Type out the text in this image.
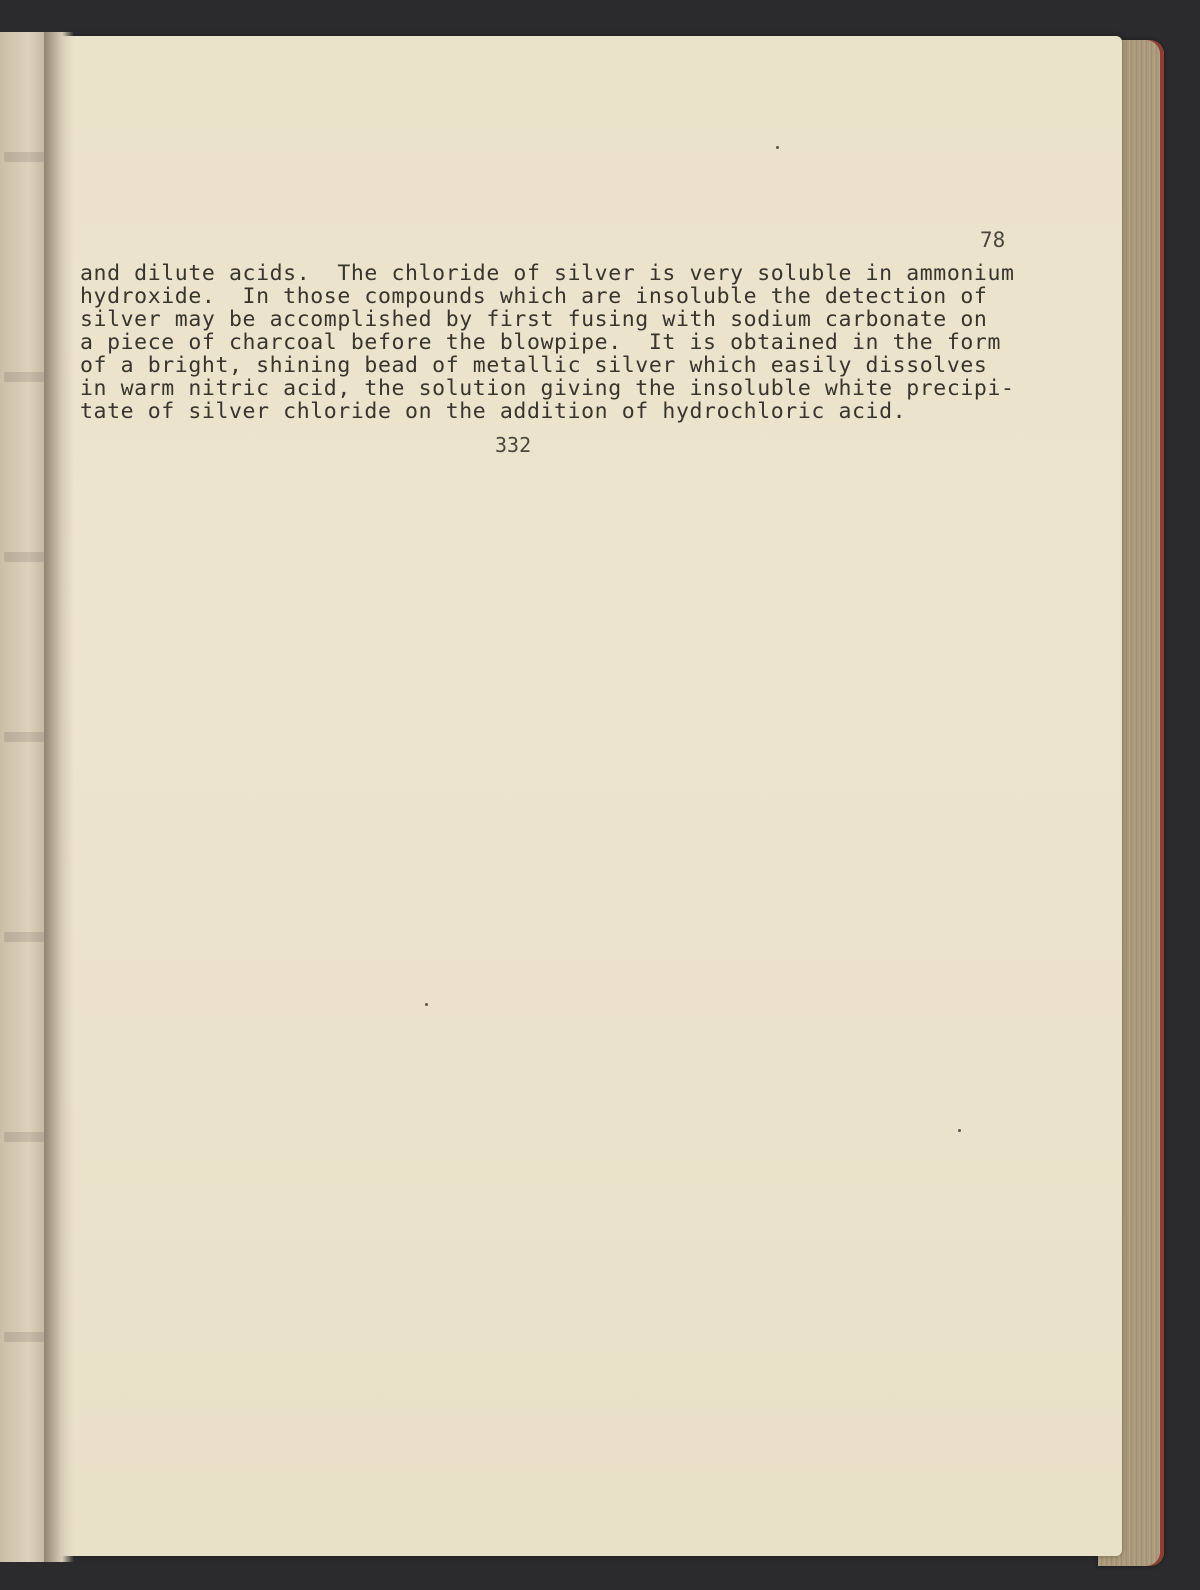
78

and dilute acids.  The chloride of silver is very soluble in ammonium
hydroxide.  In those compounds which are insoluble the detection of
silver may be accomplished by first fusing with sodium carbonate on
a piece of charcoal before the blowpipe.  It is obtained in the form
of a bright, shining bead of metallic silver which easily dissolves
in warm nitric acid, the solution giving the insoluble white precipi-
tate of silver chloride on the addition of hydrochloric acid.

332
